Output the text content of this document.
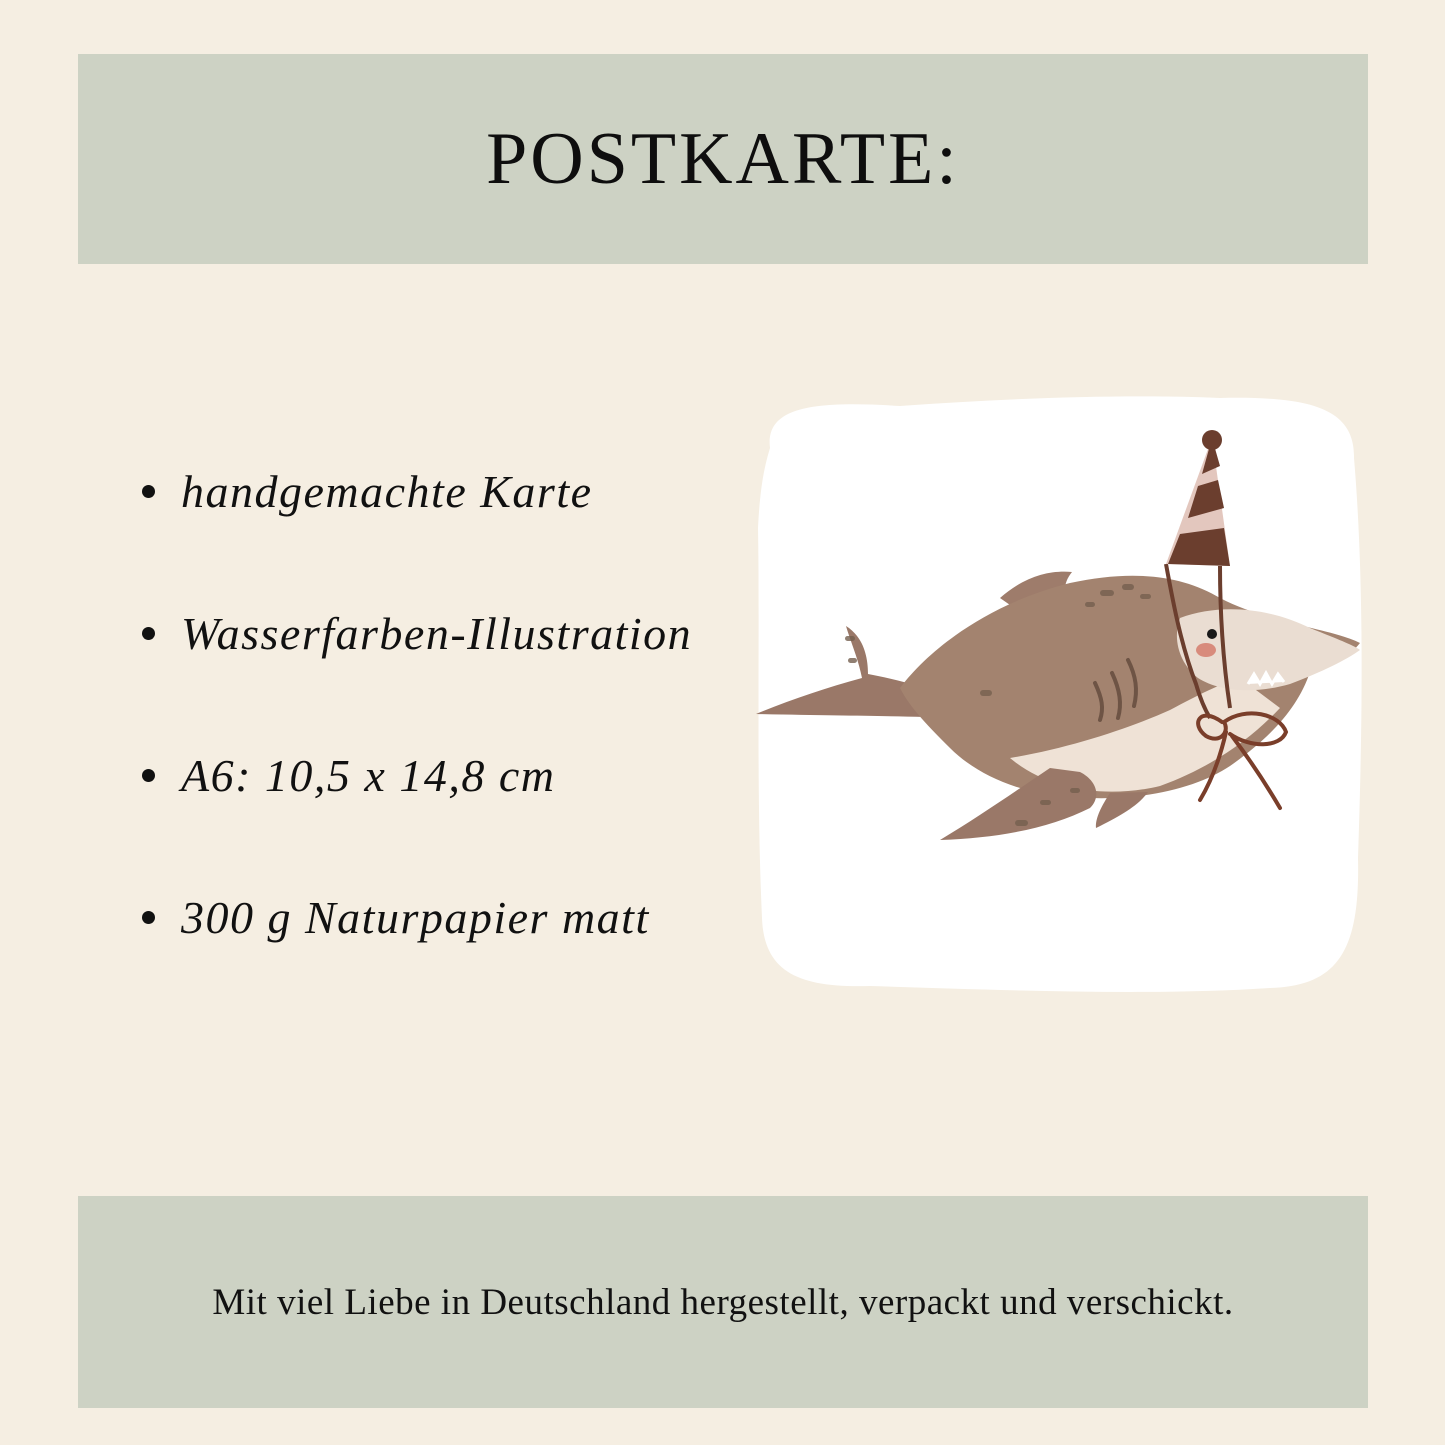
POSTKARTE:
handgemachte Karte
Wasserfarben-Illustration
A6: 10,5 x 14,8 cm
300 g Naturpapier matt
Mit viel Liebe in Deutschland hergestellt, verpackt und verschickt.
